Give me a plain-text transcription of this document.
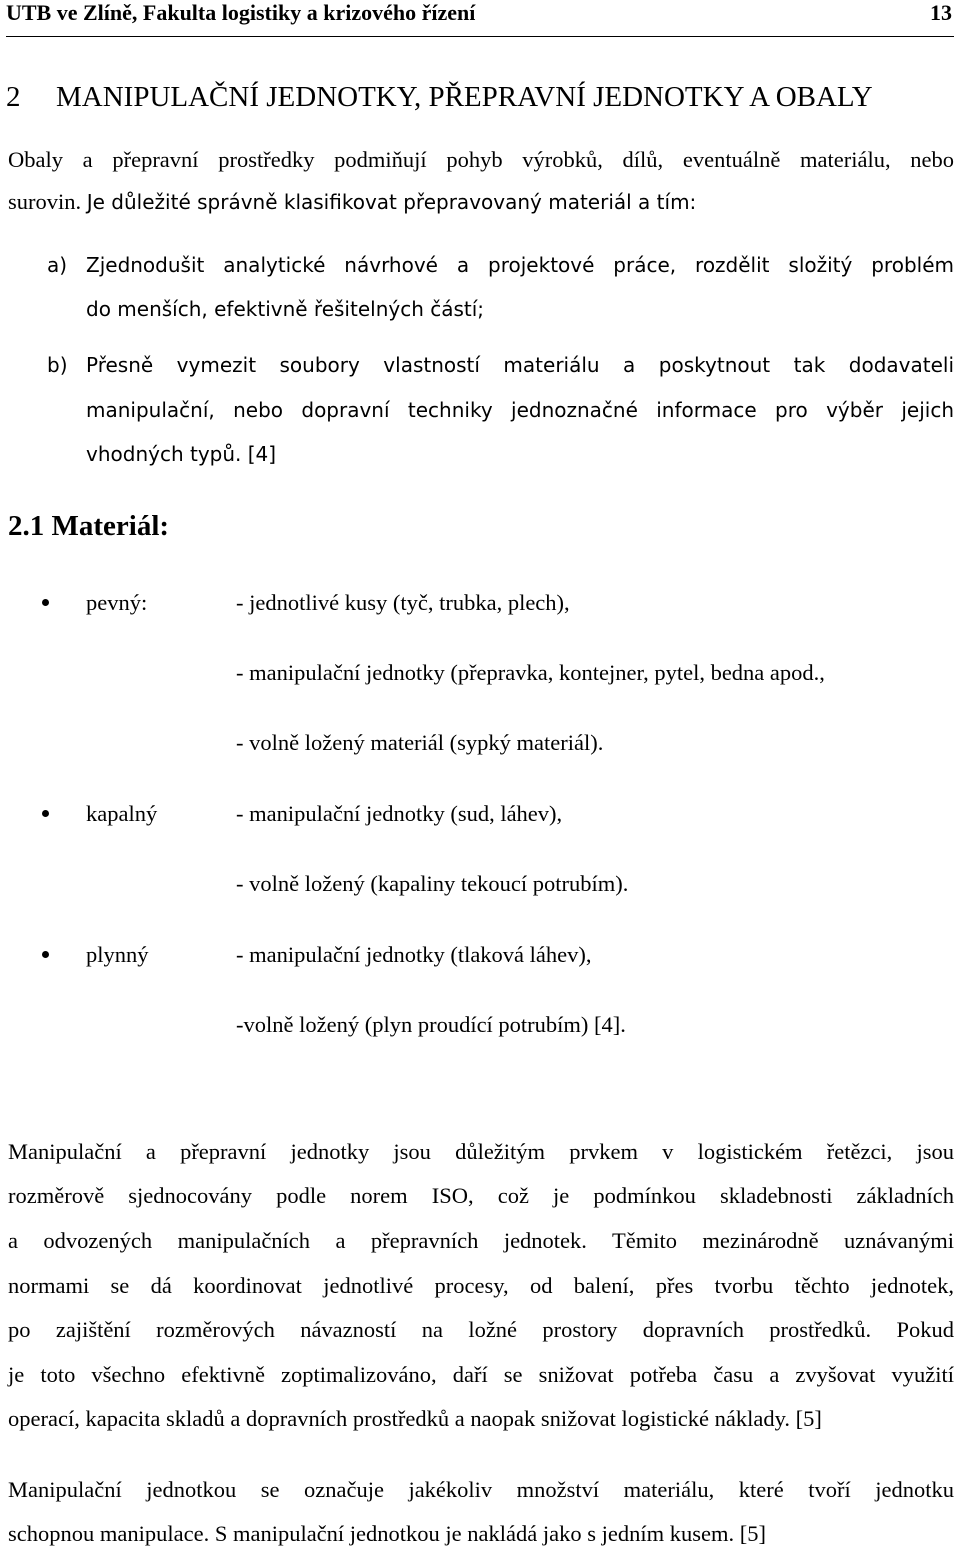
UTB ve Zlíně, Fakulta logistiky a krizového řízení	13
2 MANIPULAČNÍ JEDNOTKY, PŘEPRAVNÍ JEDNOTKY A OBALY
Obaly a přepravní prostředky podmiňují pohyb výrobků, dílů, eventuálně materiálu, nebo
surovin. Je důležité správně klasifikovat přepravovaný materiál a tím:
a) Zjednodušit analytické návrhové a projektové práce, rozdělit složitý problém
do menších, efektivně řešitelných částí;
b) Přesně vymezit soubory vlastností materiálu a poskytnout tak dodavateli
manipulační, nebo dopravní techniky jednoznačné informace pro výběr jejich
vhodných typů. [4]
2.1 Materiál:
pevný:	- jednotlivé kusy (tyč, trubka, plech),
- manipulační jednotky (přepravka, kontejner, pytel, bedna apod.,
- volně ložený materiál (sypký materiál).
kapalný	- manipulační jednotky (sud, láhev),
- volně ložený (kapaliny tekoucí potrubím).
plynný	- manipulační jednotky (tlaková láhev),
-volně ložený (plyn proudící potrubím) [4].
Manipulační a přepravní jednotky jsou důležitým prvkem v logistickém řetězci, jsou
rozměrově sjednocovány podle norem ISO, což je podmínkou skladebnosti základních
a odvozených manipulačních a přepravních jednotek. Těmito mezinárodně uznávanými
normami se dá koordinovat jednotlivé procesy, od balení, přes tvorbu těchto jednotek,
po zajištění rozměrových návazností na ložné prostory dopravních prostředků. Pokud
je toto všechno efektivně zoptimalizováno, daří se snižovat potřeba času a zvyšovat využití
operací, kapacita skladů a dopravních prostředků a naopak snižovat logistické náklady. [5]
Manipulační jednotkou se označuje jakékoliv množství materiálu, které tvoří jednotku
schopnou manipulace. S manipulační jednotkou je nakládá jako s jedním kusem. [5]
